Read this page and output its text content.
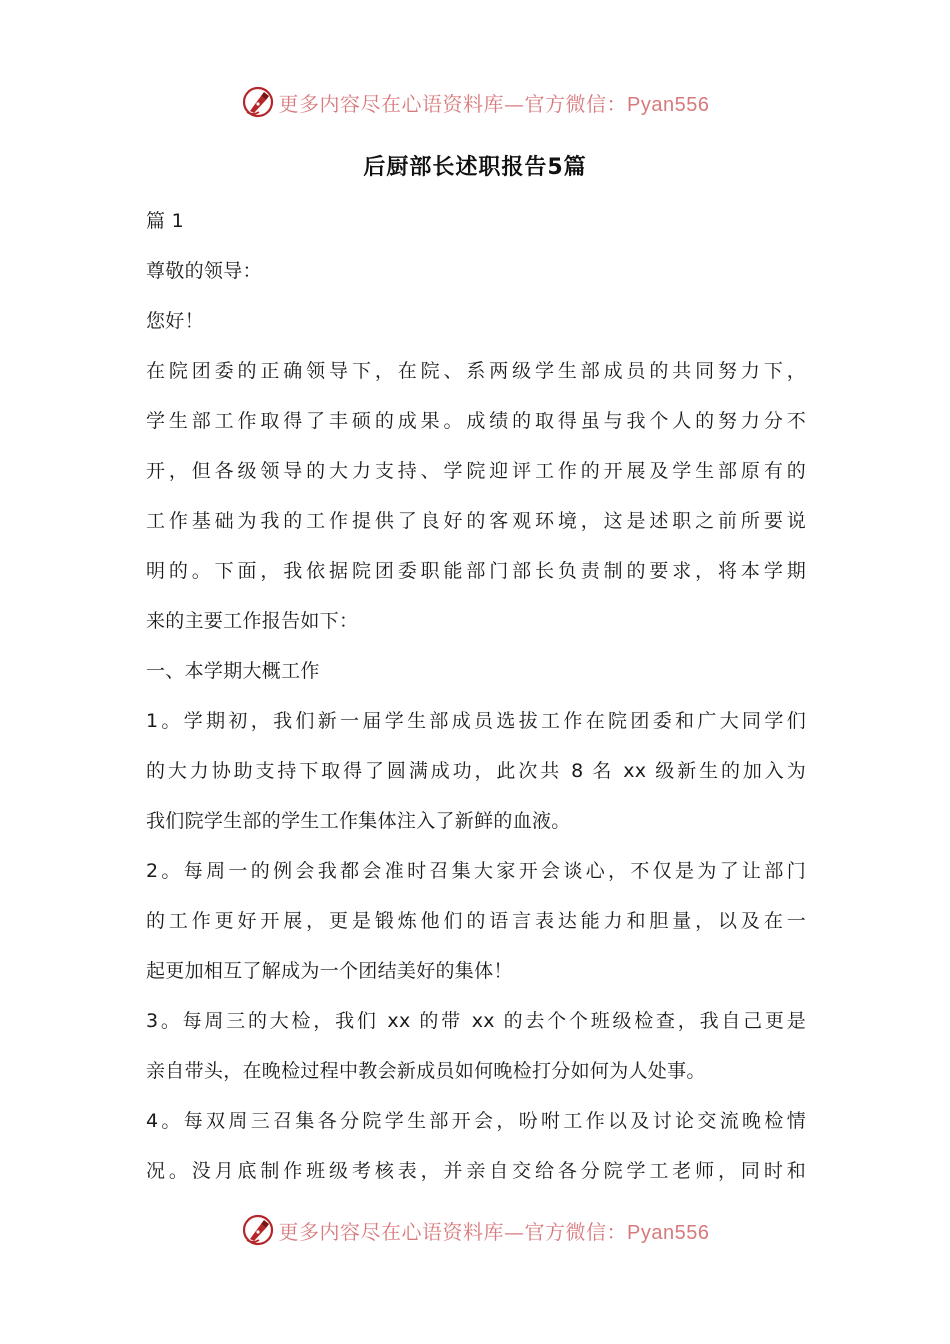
更多内容尽在心语资料库—官方微信：Pyan556
后厨部长述职报告5篇
篇 1
尊敬的领导：
您好！
在院团委的正确领导下，在院、系两级学生部成员的共同努力下，
学生部工作取得了丰硕的成果。成绩的取得虽与我个人的努力分不
开，但各级领导的大力支持、学院迎评工作的开展及学生部原有的
工作基础为我的工作提供了良好的客观环境，这是述职之前所要说
明的。下面，我依据院团委职能部门部长负责制的要求，将本学期
来的主要工作报告如下：
一、本学期大概工作
1。学期初，我们新一届学生部成员选拔工作在院团委和广大同学们
的大力协助支持下取得了圆满成功，此次共 8 名 xx 级新生的加入为
我们院学生部的学生工作集体注入了新鲜的血液。
2。每周一的例会我都会准时召集大家开会谈心，不仅是为了让部门
的工作更好开展，更是锻炼他们的语言表达能力和胆量，以及在一
起更加相互了解成为一个团结美好的集体！
3。每周三的大检，我们 xx 的带 xx 的去个个班级检查，我自己更是
亲自带头，在晚检过程中教会新成员如何晚检打分如何为人处事。
4。每双周三召集各分院学生部开会，吩咐工作以及讨论交流晚检情
况。没月底制作班级考核表，并亲自交给各分院学工老师，同时和
更多内容尽在心语资料库—官方微信：Pyan556
